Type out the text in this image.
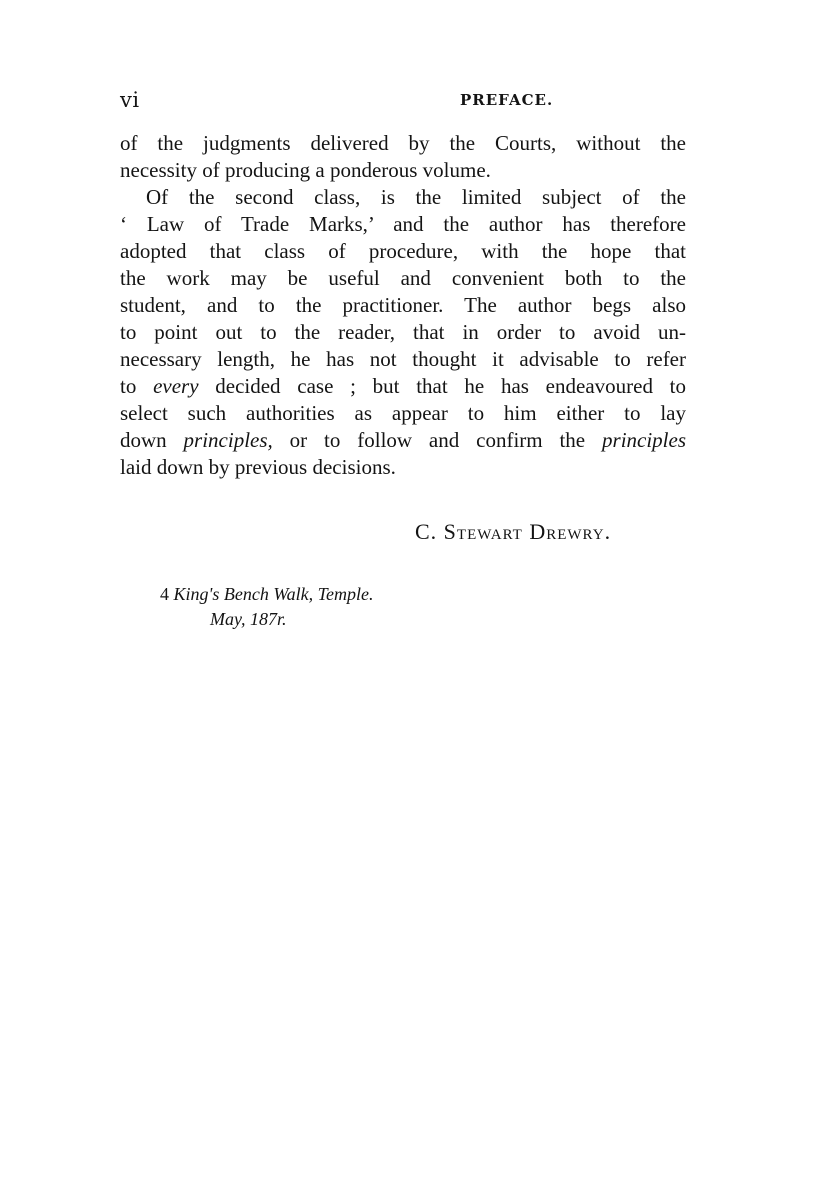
vi	PREFACE.
of the judgments delivered by the Courts, without the
necessity of producing a ponderous volume.
Of the second class, is the limited subject of the
‘ Law of Trade Marks,’ and the author has therefore
adopted that class of procedure, with the hope that
the work may be useful and convenient both to the
student, and to the practitioner. The author begs also
to point out to the reader, that in order to avoid un-
necessary length, he has not thought it advisable to refer
to every decided case ; but that he has endeavoured to
select such authorities as appear to him either to lay
down principles, or to follow and confirm the principles
laid down by previous decisions.
C. Stewart Drewry.
4 King's Bench Walk, Temple.
May, 187r.
